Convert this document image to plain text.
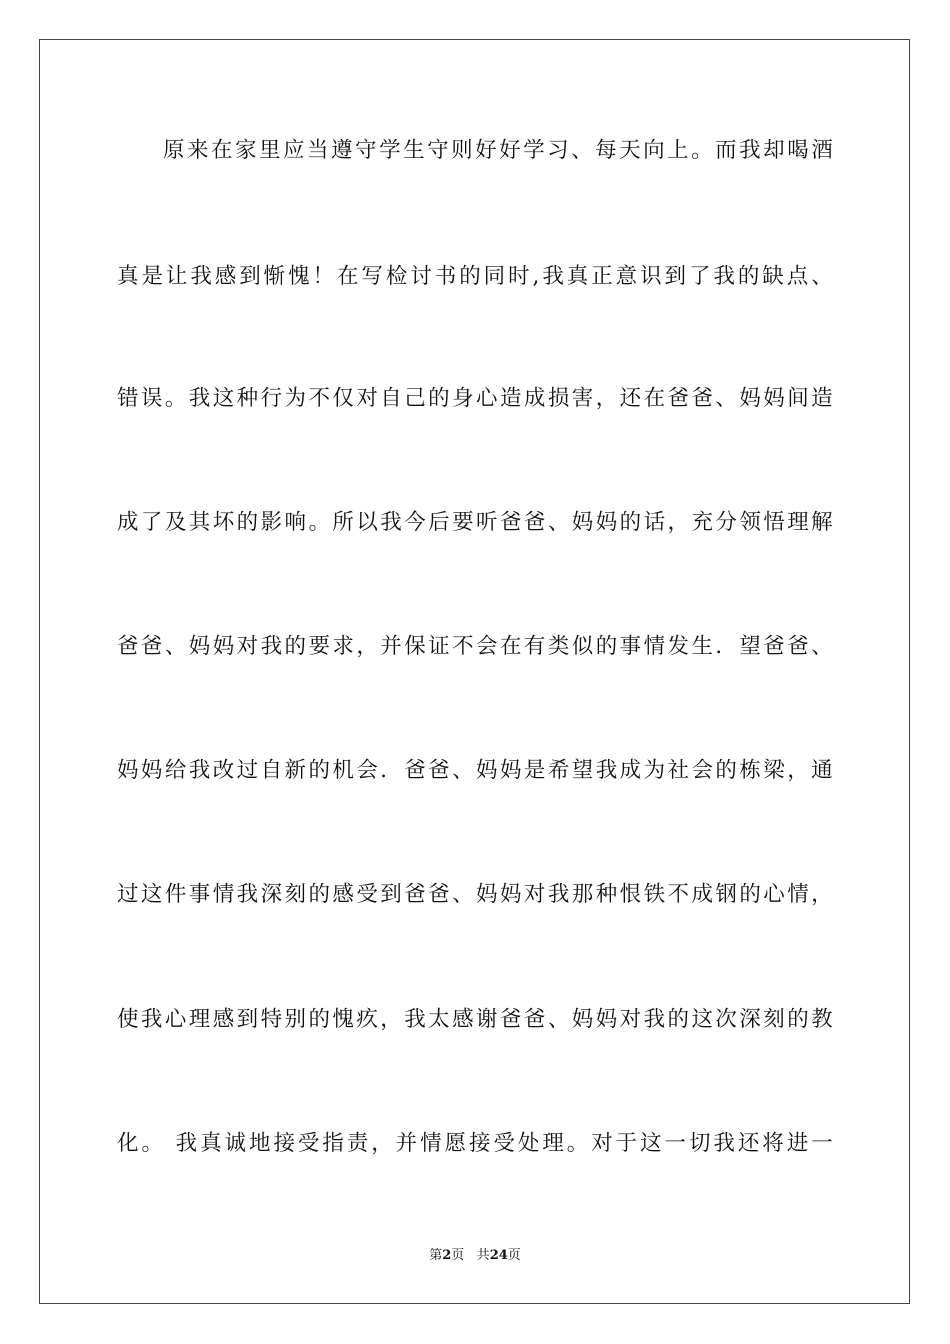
原来在家里应当遵守学生守则好好学习、每天向上。而我却喝酒
真是让我感到惭愧！在写检讨书的同时,我真正意识到了我的缺点、
错误。我这种行为不仅对自己的身心造成损害，还在爸爸、妈妈间造
成了及其坏的影响。所以我今后要听爸爸、妈妈的话，充分领悟理解
爸爸、妈妈对我的要求，并保证不会在有类似的事情发生．望爸爸、
妈妈给我改过自新的机会．爸爸、妈妈是希望我成为社会的栋梁，通
过这件事情我深刻的感受到爸爸、妈妈对我那种恨铁不成钢的心情，
使我心理感到特别的愧疚，我太感谢爸爸、妈妈对我的这次深刻的教
化。 我真诚地接受指责，并情愿接受处理。对于这一切我还将进一
第2页 共24页
